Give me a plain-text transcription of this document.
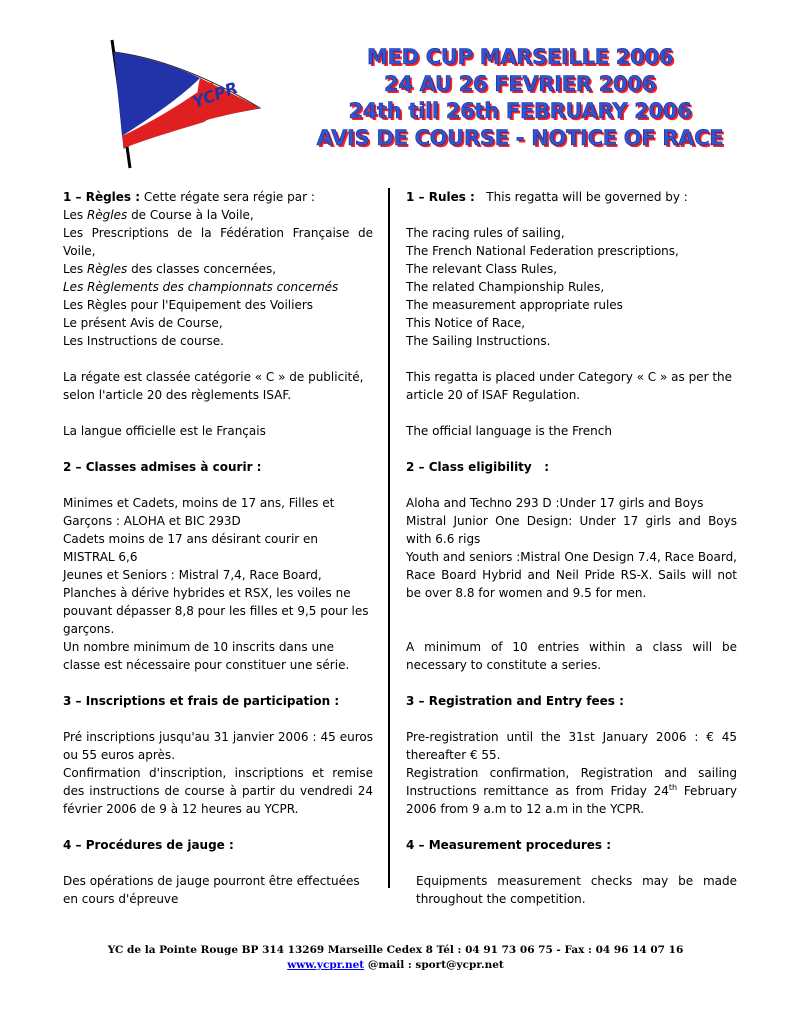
YCPR
MED CUP MARSEILLE 2006
24 AU 26 FEVRIER 2006
24th till 26th FEBRUARY 2006
AVIS DE COURSE - NOTICE OF RACE

1 – Règles : Cette régate sera régie par :

Les Règles de Course à la Voile,

Les Prescriptions de la Fédération Française de Voile,

Les Règles des classes concernées,

Les Règlements des championnats concernés

Les Règles pour l'Equipement des Voiliers

Le présent Avis de Course,

Les Instructions de course.

La régate est classée catégorie « C » de publicité, selon l'article 20 des règlements ISAF.

La langue officielle est le Français

2 – Classes admises à courir :

Minimes et Cadets, moins de 17 ans, Filles et Garçons : ALOHA et BIC 293D

Cadets moins de 17 ans désirant courir en MISTRAL 6,6

Jeunes et Seniors : Mistral 7,4, Race Board, Planches à dérive hybrides et RSX, les voiles ne pouvant dépasser 8,8 pour les filles et 9,5 pour les garçons.

Un nombre minimum de 10 inscrits dans une classe est nécessaire pour constituer une série.

3 – Inscriptions et frais de participation :

Pré inscriptions jusqu'au 31 janvier 2006 : 45 euros ou 55 euros après.

Confirmation d'inscription, inscriptions et remise des instructions de course à partir du vendredi 24 février 2006 de 9 à 12 heures au YCPR.

4 – Procédures de jauge :

Des opérations de jauge pourront être effectuées en cours d'épreuve

1 – Rules :   This regatta will be governed by :

The racing rules of sailing,

The French National Federation prescriptions,

The relevant Class Rules,

The related Championship Rules,

The measurement appropriate rules

This Notice of Race,

The Sailing Instructions.

This regatta is placed under Category « C » as per the article 20 of ISAF Regulation.

The official language is the French

2 – Class eligibility   :

Aloha and Techno 293 D :Under 17 girls and Boys

Mistral Junior One Design: Under 17 girls and Boys with 6.6 rigs

Youth and seniors :Mistral One Design 7.4, Race Board, Race Board Hybrid and Neil Pride RS-X. Sails will not be over 8.8 for women and 9.5 for men.

A minimum of 10 entries within a class will be necessary to constitute a series.

3 – Registration and Entry fees :

Pre-registration until the 31st January 2006 : € 45 thereafter € 55.

Registration confirmation, Registration and sailing Instructions remittance as from Friday 24th February 2006 from 9 a.m to 12 a.m in the YCPR.

4 – Measurement procedures :

Equipments measurement checks may be made throughout the competition.

YC de la Pointe Rouge BP 314 13269 Marseille Cedex 8 Tél : 04 91 73 06 75 - Fax : 04 96 14 07 16
www.ycpr.net @mail : sport@ycpr.net
